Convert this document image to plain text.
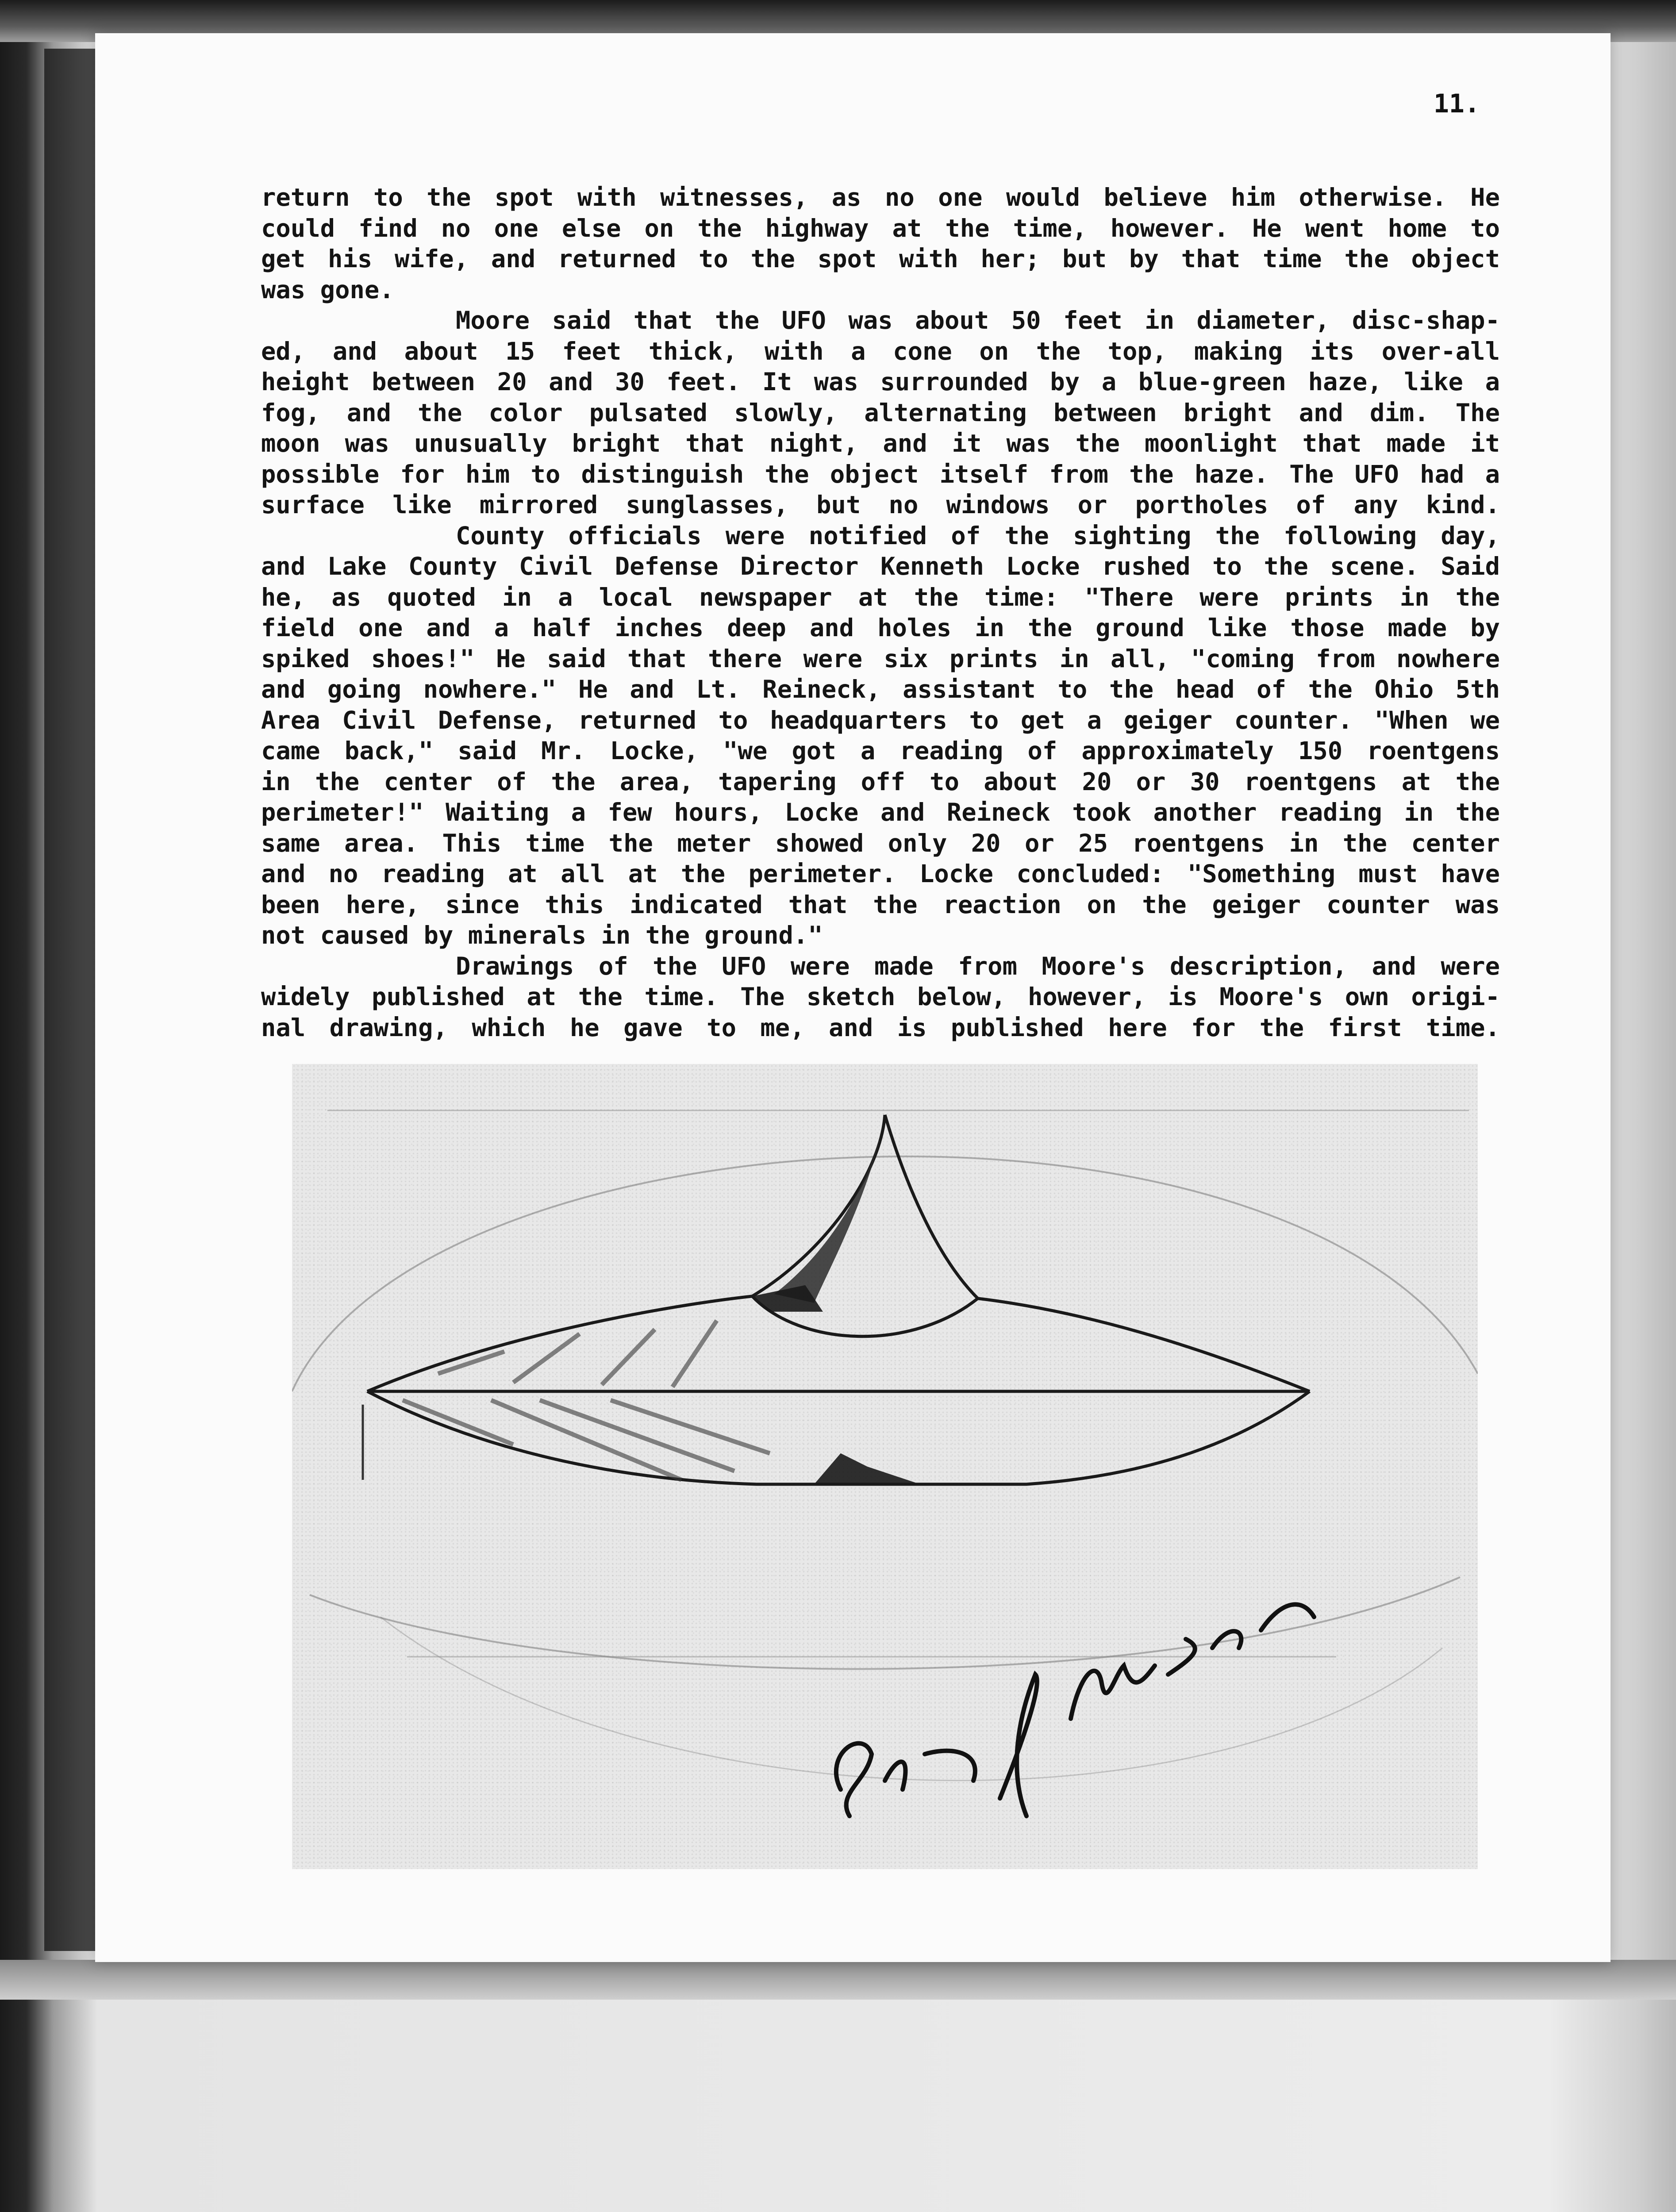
11.
return to the spot with witnesses, as no one would believe him otherwise. He
could find no one else on the highway at the time, however. He went home to
get his wife, and returned to the spot with her; but by that time the object
was gone.
Moore said that the UFO was about 50 feet in diameter, disc-shap-
ed, and about 15 feet thick, with a cone on the top, making its over-all
height between 20 and 30 feet. It was surrounded by a blue-green haze, like a
fog, and the color pulsated slowly, alternating between bright and dim. The
moon was unusually bright that night, and it was the moonlight that made it
possible for him to distinguish the object itself from the haze. The UFO had a
surface like mirrored sunglasses, but no windows or portholes of any kind.
County officials were notified of the sighting the following day,
and Lake County Civil Defense Director Kenneth Locke rushed to the scene. Said
he, as quoted in a local newspaper at the time: "There were prints in the
field one and a half inches deep and holes in the ground like those made by
spiked shoes!" He said that there were six prints in all, "coming from nowhere
and going nowhere." He and Lt. Reineck, assistant to the head of the Ohio 5th
Area Civil Defense, returned to headquarters to get a geiger counter. "When we
came back," said Mr. Locke, "we got a reading of approximately 150 roentgens
in the center of the area, tapering off to about 20 or 30 roentgens at the
perimeter!" Waiting a few hours, Locke and Reineck took another reading in the
same area. This time the meter showed only 20 or 25 roentgens in the center
and no reading at all at the perimeter. Locke concluded: "Something must have
been here, since this indicated that the reaction on the geiger counter was
not caused by minerals in the ground."
Drawings of the UFO were made from Moore's description, and were
widely published at the time. The sketch below, however, is Moore's own origi-
nal drawing, which he gave to me, and is published here for the first time.
